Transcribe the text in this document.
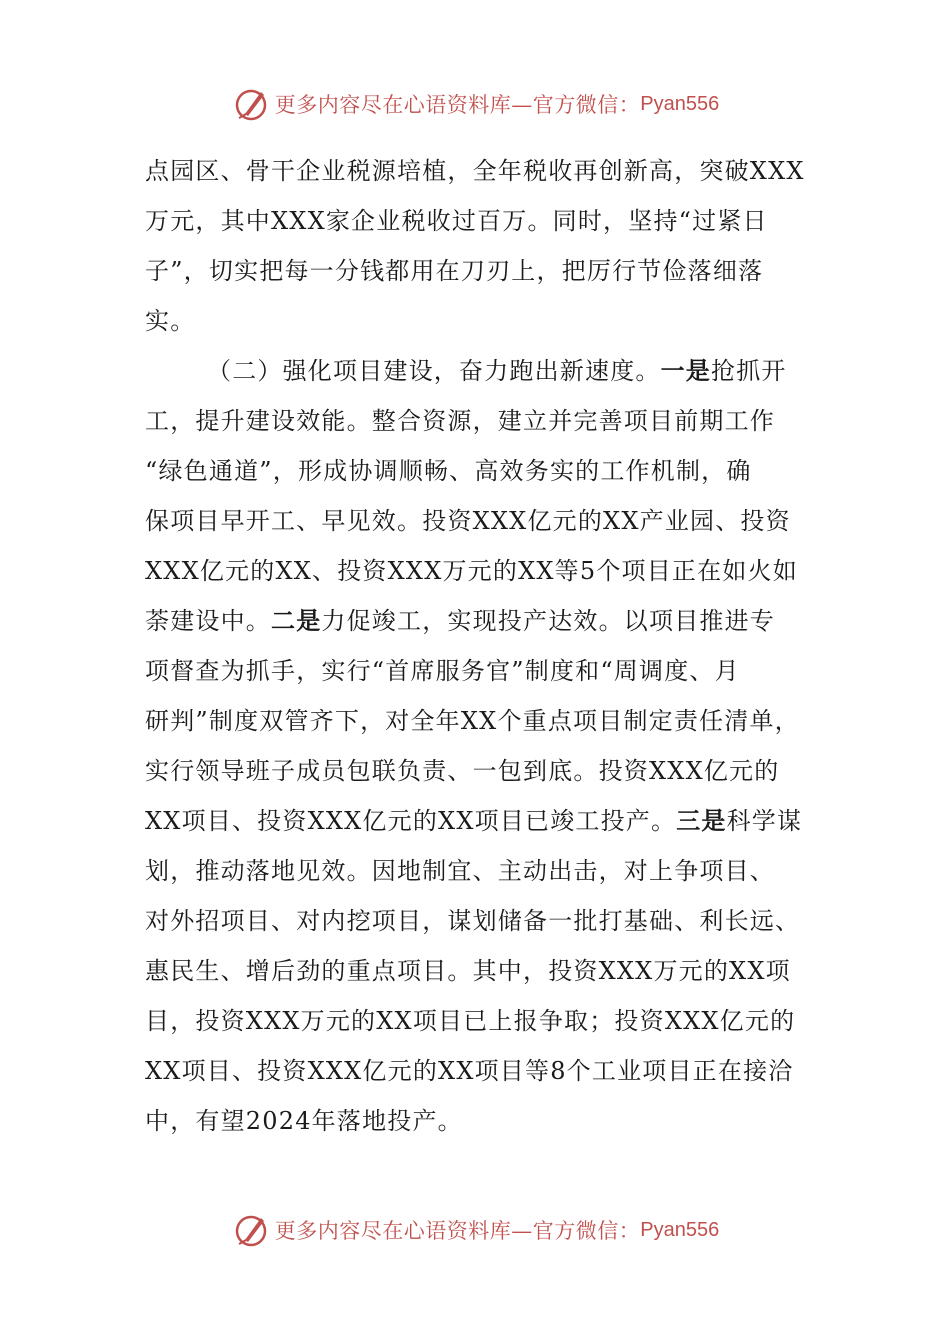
更多内容尽在心语资料库—官方微信： Pyan556
点园区、骨干企业税源培植，全年税收再创新高，突破XXX
万元，其中XXX家企业税收过百万。同时，坚持“过紧日
子”，切实把每一分钱都用在刀刃上，把厉行节俭落细落
实。
（二）强化项目建设，奋力跑出新速度。一是抢抓开
工，提升建设效能。整合资源，建立并完善项目前期工作
“绿色通道”，形成协调顺畅、高效务实的工作机制，确
保项目早开工、早见效。投资XXX亿元的XX产业园、投资
XXX亿元的XX、投资XXX万元的XX等5个项目正在如火如
荼建设中。二是力促竣工，实现投产达效。以项目推进专
项督查为抓手，实行“首席服务官”制度和“周调度、月
研判”制度双管齐下，对全年XX个重点项目制定责任清单，
实行领导班子成员包联负责、一包到底。投资XXX亿元的
XX项目、投资XXX亿元的XX项目已竣工投产。三是科学谋
划，推动落地见效。因地制宜、主动出击，对上争项目、
对外招项目、对内挖项目，谋划储备一批打基础、利长远、
惠民生、增后劲的重点项目。其中，投资XXX万元的XX项
目，投资XXX万元的XX项目已上报争取；投资XXX亿元的
XX项目、投资XXX亿元的XX项目等8个工业项目正在接洽
中，有望2024年落地投产。
更多内容尽在心语资料库—官方微信： Pyan556
